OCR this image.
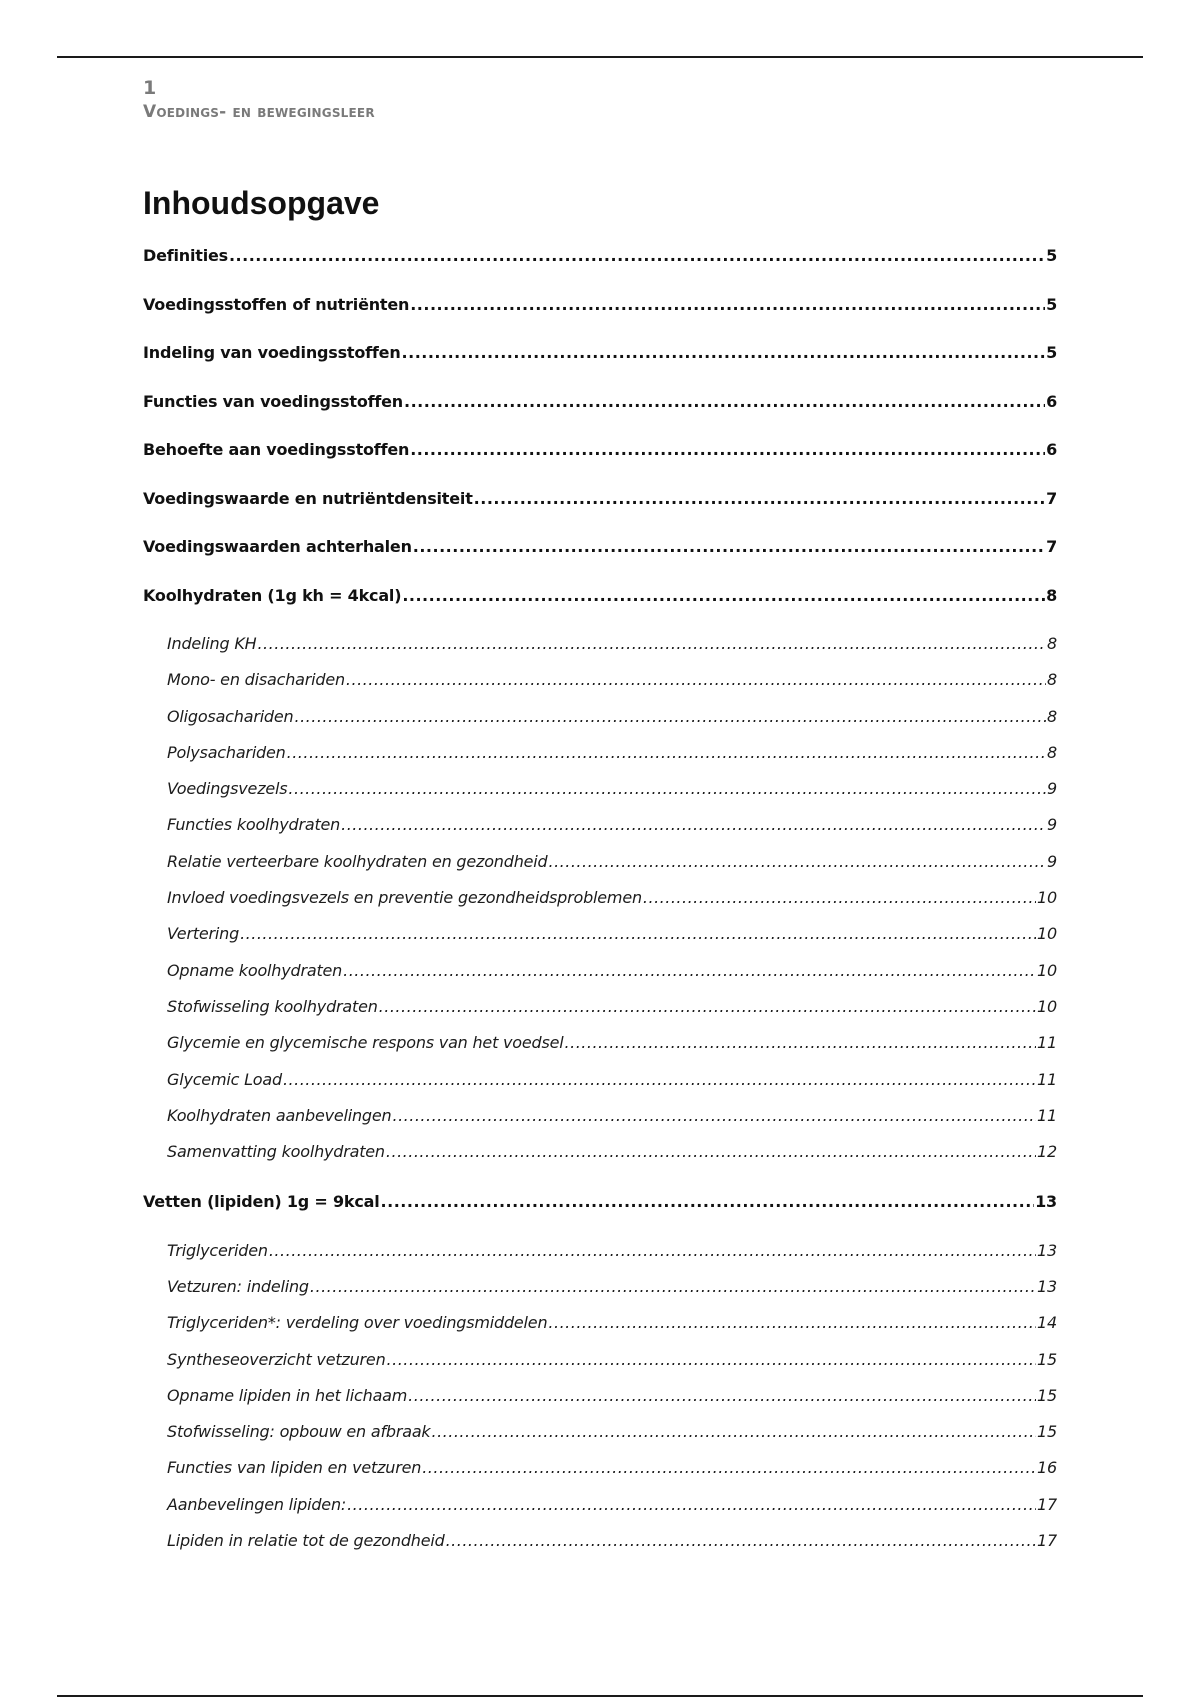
1
Voedings- en bewegingsleer
Inhoudsopgave
Definities .....	5
Voedingsstoffen of nutriënten .....	5
Indeling van voedingsstoffen .....	5
Functies van voedingsstoffen .....	6
Behoefte aan voedingsstoffen .....	6
Voedingswaarde en nutriëntdensiteit .....	7
Voedingswaarden achterhalen .....	7
Koolhydraten (1g kh = 4kcal) .....	8
Indeling KH .....	8
Mono- en disachariden .....	8
Oligosachariden .....	8
Polysachariden .....	8
Voedingsvezels .....	9
Functies koolhydraten .....	9
Relatie verteerbare koolhydraten en gezondheid .....	9
Invloed voedingsvezels en preventie gezondheidsproblemen .....	10
Vertering .....	10
Opname koolhydraten .....	10
Stofwisseling koolhydraten .....	10
Glycemie en glycemische respons van het voedsel .....	11
Glycemic Load .....	11
Koolhydraten aanbevelingen .....	11
Samenvatting koolhydraten .....	12
Vetten (lipiden) 1g = 9kcal .....	13
Triglyceriden .....	13
Vetzuren: indeling .....	13
Triglyceriden*: verdeling over voedingsmiddelen .....	14
Syntheseoverzicht vetzuren .....	15
Opname lipiden in het lichaam .....	15
Stofwisseling: opbouw en afbraak .....	15
Functies van lipiden en vetzuren .....	16
Aanbevelingen lipiden: .....	17
Lipiden in relatie tot de gezondheid .....	17
